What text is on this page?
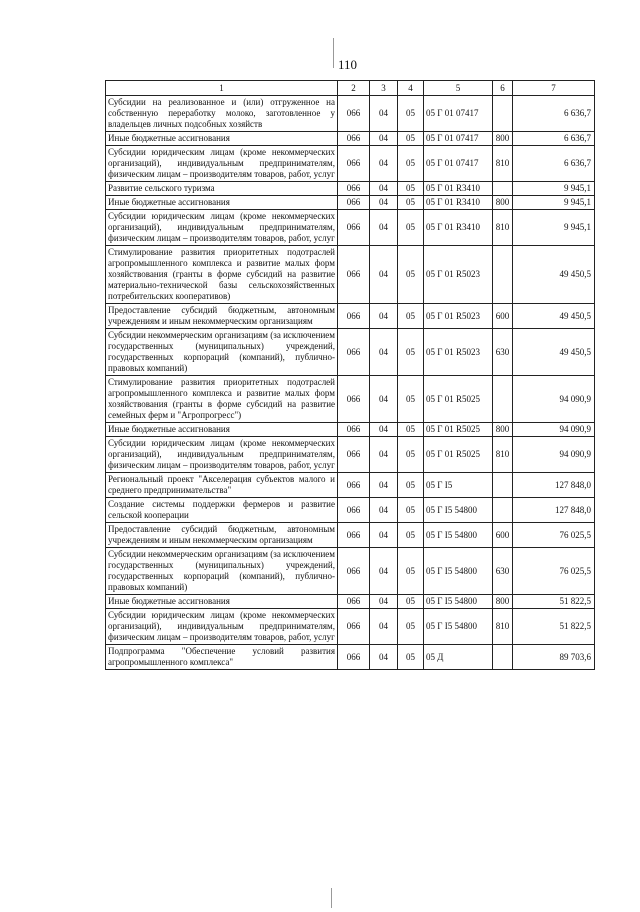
110
1	2	3	4	5	6	7
Субсидии на реализованное и (или) отгруженное на собственную переработку молоко, заготовленное у владельцев личных подсобных хозяйств	066	04	05	05 Г 01 07417		6 636,7
Иные бюджетные ассигнования	066	04	05	05 Г 01 07417	800	6 636,7
Субсидии юридическим лицам (кроме некоммерческих организаций), индивидуальным предпринимателям, физическим лицам – производителям товаров, работ, услуг	066	04	05	05 Г 01 07417	810	6 636,7
Развитие сельского туризма	066	04	05	05 Г 01 R3410		9 945,1
Иные бюджетные ассигнования	066	04	05	05 Г 01 R3410	800	9 945,1
Субсидии юридическим лицам (кроме некоммерческих организаций), индивидуальным предпринимателям, физическим лицам – производителям товаров, работ, услуг	066	04	05	05 Г 01 R3410	810	9 945,1
Стимулирование развития приоритетных подотраслей агропромышленного комплекса и развитие малых форм хозяйствования (гранты в форме субсидий на развитие материально-технической базы сельскохозяйственных потребительских кооперативов)	066	04	05	05 Г 01 R5023		49 450,5
Предоставление субсидий бюджетным, автономным учреждениям и иным некоммерческим организациям	066	04	05	05 Г 01 R5023	600	49 450,5
Субсидии некоммерческим организациям (за исключением государственных (муниципальных) учреждений, государственных корпораций (компаний), публично-правовых компаний)	066	04	05	05 Г 01 R5023	630	49 450,5
Стимулирование развития приоритетных подотраслей агропромышленного комплекса и развитие малых форм хозяйствования (гранты в форме субсидий на развитие семейных ферм и "Агропрогресс")	066	04	05	05 Г 01 R5025		94 090,9
Иные бюджетные ассигнования	066	04	05	05 Г 01 R5025	800	94 090,9
Субсидии юридическим лицам (кроме некоммерческих организаций), индивидуальным предпринимателям, физическим лицам – производителям товаров, работ, услуг	066	04	05	05 Г 01 R5025	810	94 090,9
Региональный проект "Акселерация субъектов малого и среднего предпринимательства"	066	04	05	05 Г I5		127 848,0
Создание системы поддержки фермеров и развитие сельской кооперации	066	04	05	05 Г I5 54800		127 848,0
Предоставление субсидий бюджетным, автономным учреждениям и иным некоммерческим организациям	066	04	05	05 Г I5 54800	600	76 025,5
Субсидии некоммерческим организациям (за исключением государственных (муниципальных) учреждений, государственных корпораций (компаний), публично-правовых компаний)	066	04	05	05 Г I5 54800	630	76 025,5
Иные бюджетные ассигнования	066	04	05	05 Г I5 54800	800	51 822,5
Субсидии юридическим лицам (кроме некоммерческих организаций), индивидуальным предпринимателям, физическим лицам – производителям товаров, работ, услуг	066	04	05	05 Г I5 54800	810	51 822,5
Подпрограмма "Обеспечение условий развития агропромышленного комплекса"	066	04	05	05 Д		89 703,6
